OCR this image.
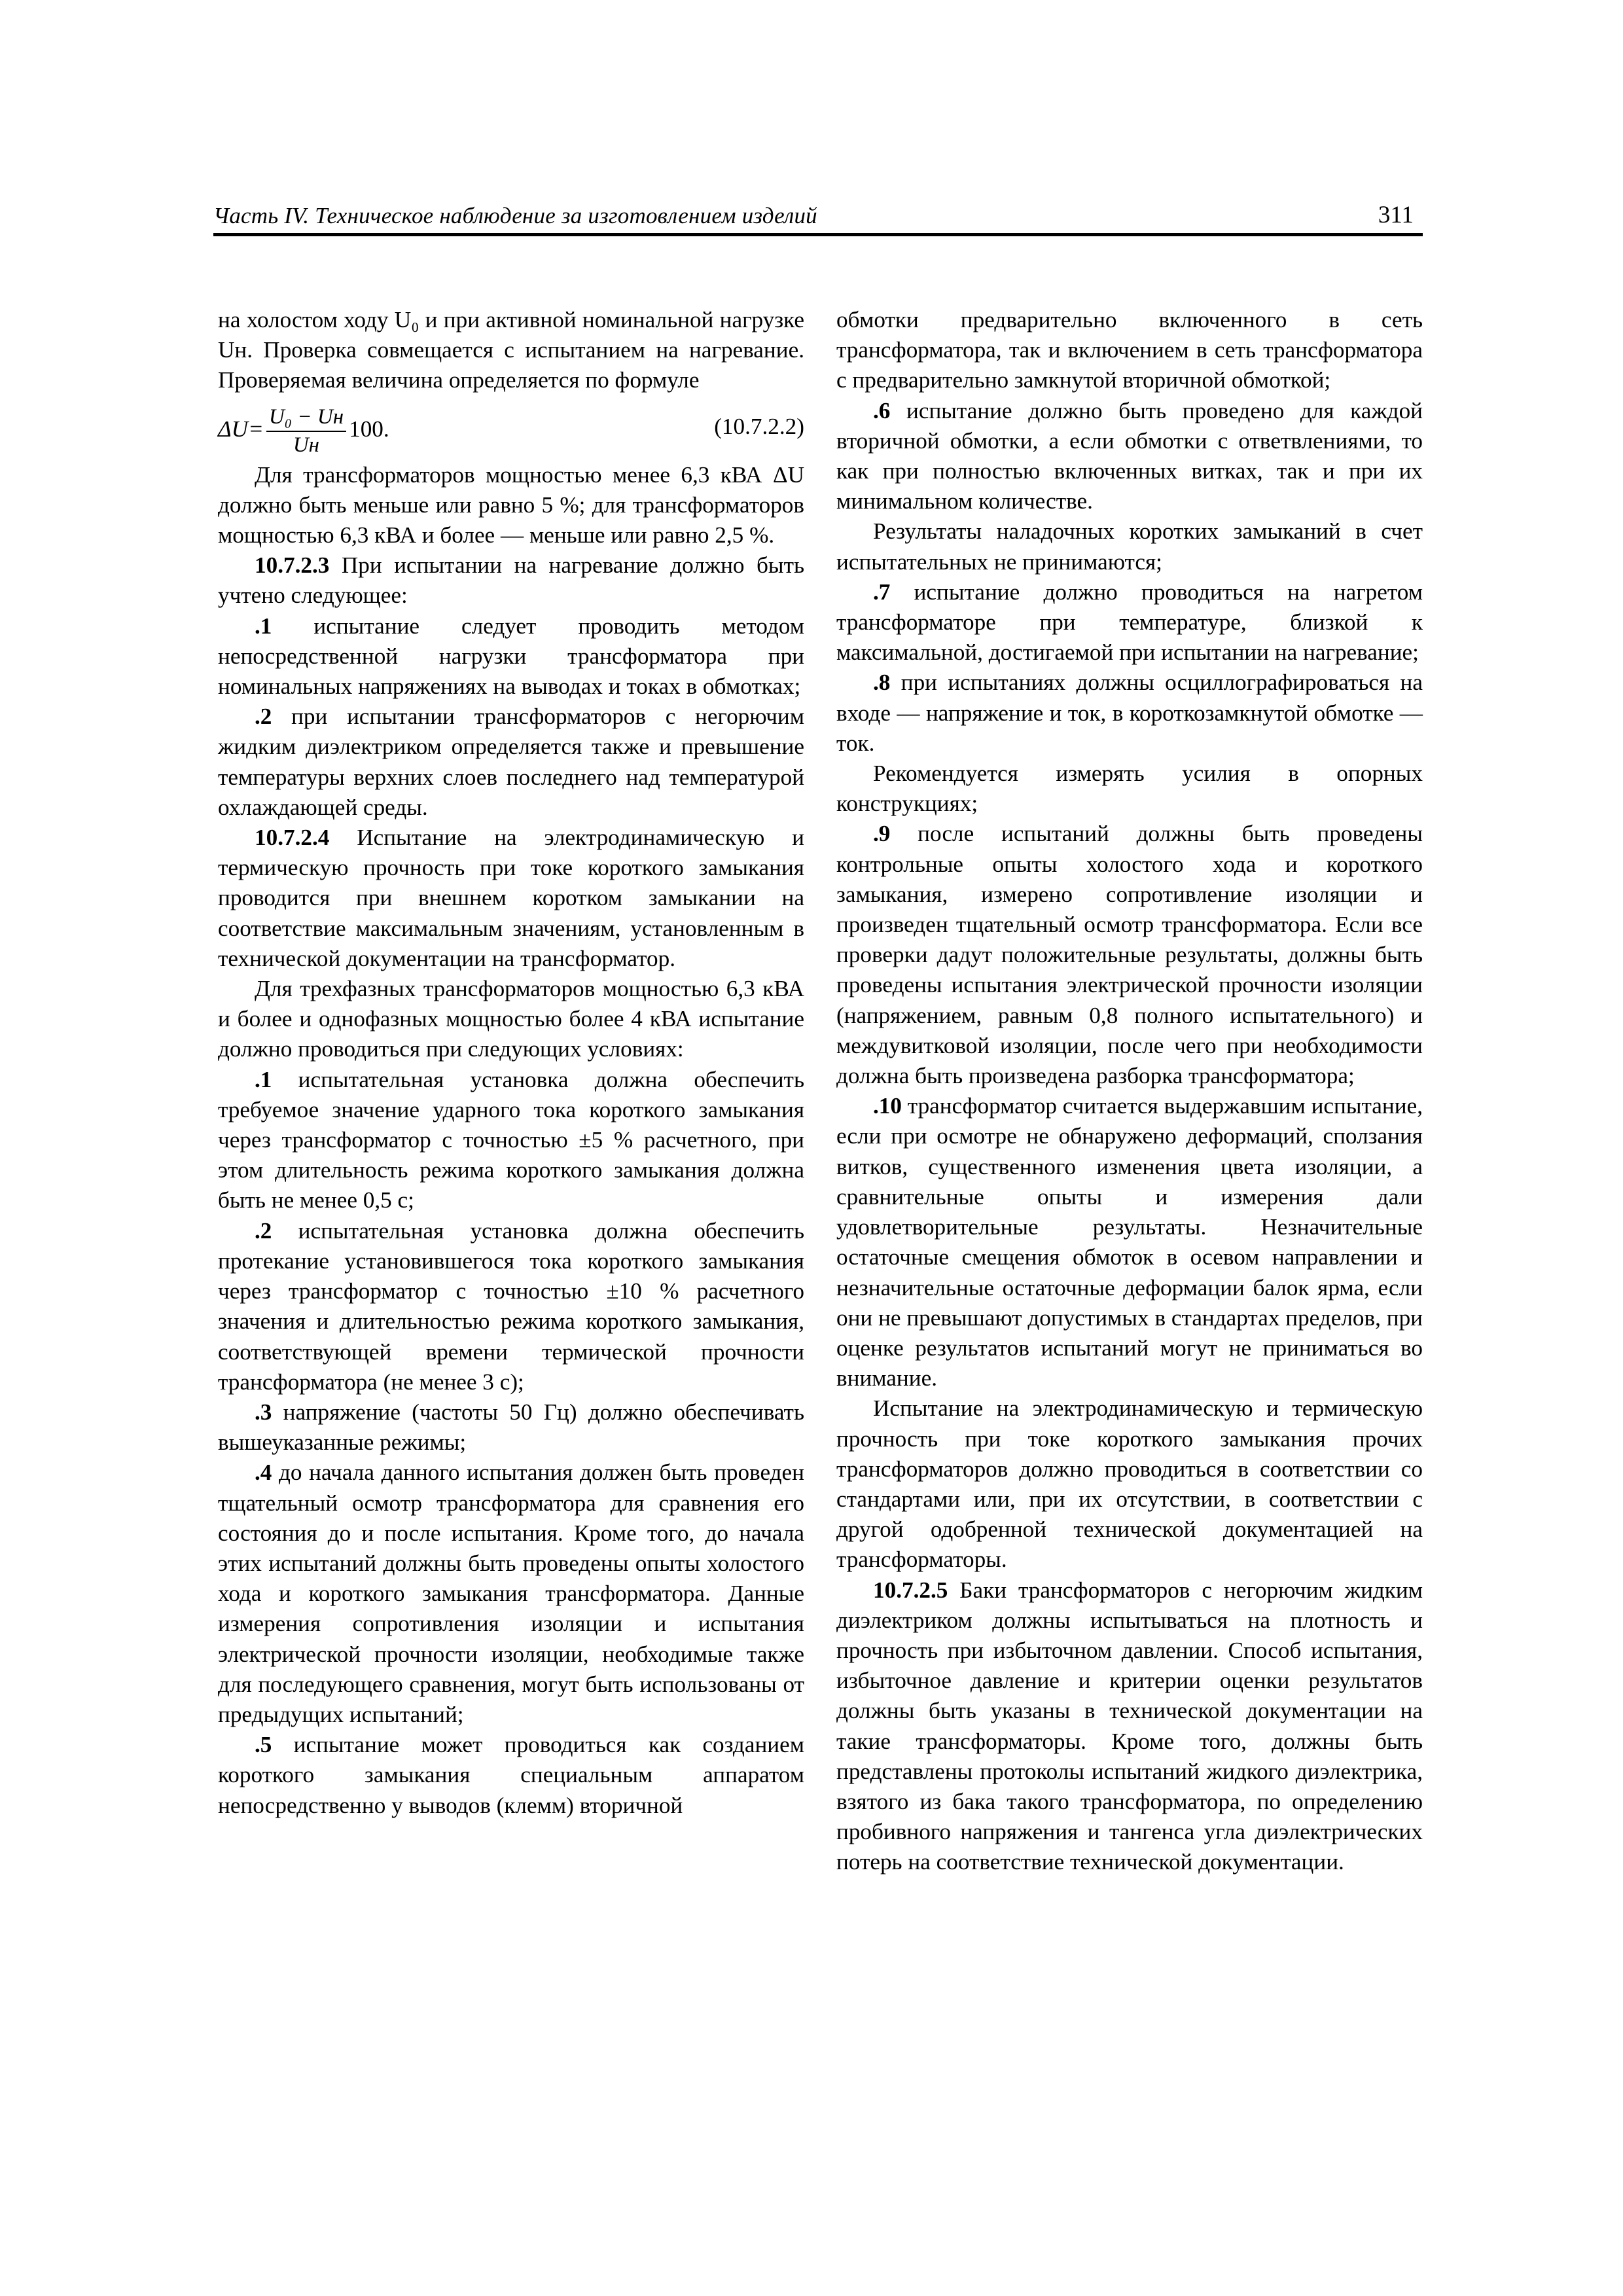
Часть IV. Техническое наблюдение за изготовлением изделий	311

на холостом ходу U₀ и при активной номинальной нагрузке Uн. Проверка совмещается с испытанием на нагревание. Проверяемая величина определяется по формуле

$\Delta U= \frac{\text{U₀ − Uн}}{Uн} 100$.	(10.7.2.2)

Для трансформаторов мощностью менее 6,3 кВА ΔU должно быть меньше или равно 5 %; для трансформаторов мощностью 6,3 кВА и более — меньше или равно 2,5 %.

10.7.2.3 При испытании на нагревание должно быть учтено следующее:

.1 испытание следует проводить методом непосредственной нагрузки трансформатора при номинальных напряжениях на выводах и токах в обмотках;

.2 при испытании трансформаторов с негорючим жидким диэлектриком определяется также и превышение температуры верхних слоев последнего над температурой охлаждающей среды.

10.7.2.4 Испытание на электродинамическую и термическую прочность при токе короткого замыкания проводится при внешнем коротком замыкании на соответствие максимальным значениям, установленным в технической документации на трансформатор.

Для трехфазных трансформаторов мощностью 6,3 кВА и более и однофазных мощностью более 4 кВА испытание должно проводиться при следующих условиях:

.1 испытательная установка должна обеспечить требуемое значение ударного тока короткого замыкания через трансформатор с точностью ±5 % расчетного, при этом длительность режима короткого замыкания должна быть не менее 0,5 с;

.2 испытательная установка должна обеспечить протекание установившегося тока короткого замыкания через трансформатор с точностью ±10 % расчетного значения и длительностью режима короткого замыкания, соответствующей времени термической прочности трансформатора (не менее 3 с);

.3 напряжение (частоты 50 Гц) должно обеспечивать вышеуказанные режимы;

.4 до начала данного испытания должен быть проведен тщательный осмотр трансформатора для сравнения его состояния до и после испытания. Кроме того, до начала этих испытаний должны быть проведены опыты холостого хода и короткого замыкания трансформатора. Данные измерения сопротивления изоляции и испытания электрической прочности изоляции, необходимые также для последующего сравнения, могут быть использованы от предыдущих испытаний;

.5 испытание может проводиться как созданием короткого замыкания специальным аппаратом непосредственно у выводов (клемм) вторичной

обмотки предварительно включенного в сеть трансформатора, так и включением в сеть трансформатора с предварительно замкнутой вторичной обмоткой;

.6 испытание должно быть проведено для каждой вторичной обмотки, а если обмотки с ответвлениями, то как при полностью включенных витках, так и при их минимальном количестве.

Результаты наладочных коротких замыканий в счет испытательных не принимаются;

.7 испытание должно проводиться на нагретом трансформаторе при температуре, близкой к максимальной, достигаемой при испытании на нагревание;

.8 при испытаниях должны осциллографироваться на входе — напряжение и ток, в короткозамкнутой обмотке — ток.

Рекомендуется измерять усилия в опорных конструкциях;

.9 после испытаний должны быть проведены контрольные опыты холостого хода и короткого замыкания, измерено сопротивление изоляции и произведен тщательный осмотр трансформатора. Если все проверки дадут положительные результаты, должны быть проведены испытания электрической прочности изоляции (напряжением, равным 0,8 полного испытательного) и междувитковой изоляции, после чего при необходимости должна быть произведена разборка трансформатора;

.10 трансформатор считается выдержавшим испытание, если при осмотре не обнаружено деформаций, сползания витков, существенного изменения цвета изоляции, а сравнительные опыты и измерения дали удовлетворительные результаты. Незначительные остаточные смещения обмоток в осевом направлении и незначительные остаточные деформации балок ярма, если они не превышают допустимых в стандартах пределов, при оценке результатов испытаний могут не приниматься во внимание.

Испытание на электродинамическую и термическую прочность при токе короткого замыкания прочих трансформаторов должно проводиться в соответствии со стандартами или, при их отсутствии, в соответствии с другой одобренной технической документацией на трансформаторы.

10.7.2.5 Баки трансформаторов с негорючим жидким диэлектриком должны испытываться на плотность и прочность при избыточном давлении. Способ испытания, избыточное давление и критерии оценки результатов должны быть указаны в технической документации на такие трансформаторы. Кроме того, должны быть представлены протоколы испытаний жидкого диэлектрика, взятого из бака такого трансформатора, по определению пробивного напряжения и тангенса угла диэлектрических потерь на соответствие технической документации.
